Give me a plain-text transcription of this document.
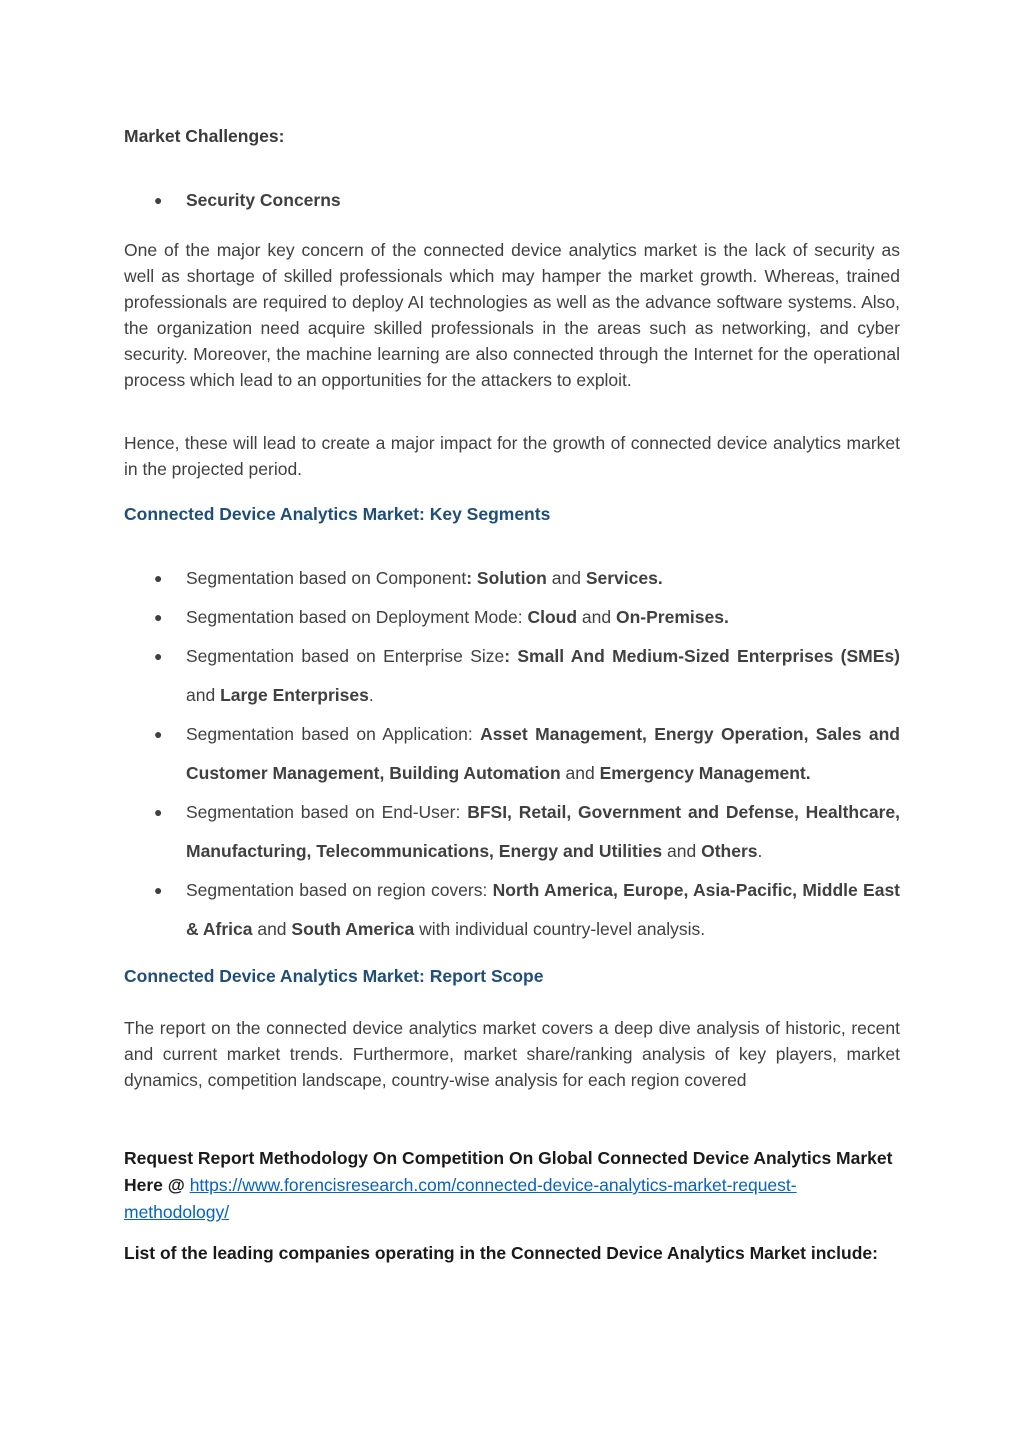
Market Challenges:
● Security Concerns

One of the major key concern of the connected device analytics market is the lack of security as well as shortage of skilled professionals which may hamper the market growth. Whereas, trained professionals are required to deploy AI technologies as well as the advance software systems. Also, the organization need acquire skilled professionals in the areas such as networking, and cyber security. Moreover, the machine learning are also connected through the Internet for the operational process which lead to an opportunities for the attackers to exploit.

Hence, these will lead to create a major impact for the growth of connected device analytics market in the projected period.

Connected Device Analytics Market: Key Segments
● Segmentation based on Component: Solution and Services.
● Segmentation based on Deployment Mode: Cloud and On-Premises.
● Segmentation based on Enterprise Size: Small And Medium-Sized Enterprises (SMEs) and Large Enterprises.
● Segmentation based on Application: Asset Management, Energy Operation, Sales and Customer Management, Building Automation and Emergency Management.
● Segmentation based on End-User: BFSI, Retail, Government and Defense, Healthcare, Manufacturing, Telecommunications, Energy and Utilities and Others.
● Segmentation based on region covers: North America, Europe, Asia-Pacific, Middle East & Africa and South America with individual country-level analysis.
Connected Device Analytics Market: Report Scope

The report on the connected device analytics market covers a deep dive analysis of historic, recent and current market trends. Furthermore, market share/ranking analysis of key players, market dynamics, competition landscape, country-wise analysis for each region covered

Request Report Methodology On Competition On Global Connected Device Analytics Market Here @ https://www.forencisresearch.com/connected-device-analytics-market-request-methodology/

List of the leading companies operating in the Connected Device Analytics Market include:
